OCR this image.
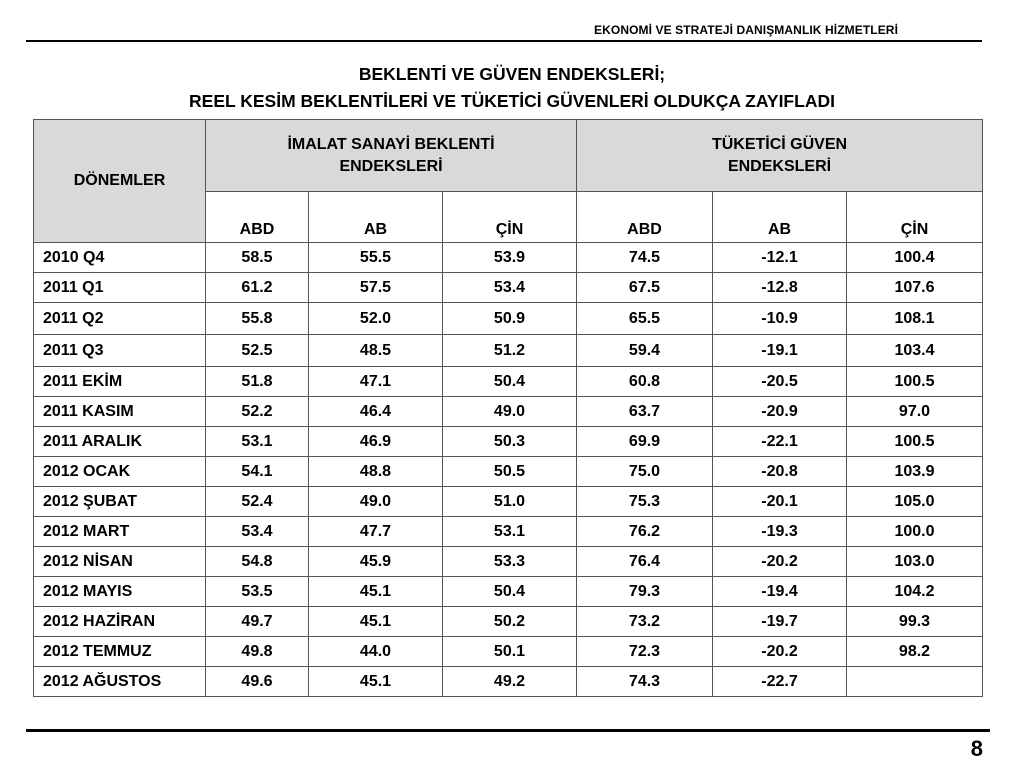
EKONOMİ VE STRATEJİ DANIŞMANLIK HİZMETLERİ
BEKLENTİ VE GÜVEN ENDEKSLERİ;
REEL KESİM BEKLENTİLERİ VE TÜKETİCİ GÜVENLERİ OLDUKÇA ZAYIFLADI
DÖNEMLER	İMALAT SANAYİ BEKLENTİ
ENDEKSLERİ			TÜKETİCİ GÜVEN
ENDEKSLERİ		
	ABD	AB	ÇİN	ABD	AB	ÇİN
2010 Q4	58.5	55.5	53.9	74.5	-12.1	100.4
2011 Q1	61.2	57.5	53.4	67.5	-12.8	107.6
2011 Q2	55.8	52.0	50.9	65.5	-10.9	108.1
2011 Q3	52.5	48.5	51.2	59.4	-19.1	103.4
2011 EKİM	51.8	47.1	50.4	60.8	-20.5	100.5
2011 KASIM	52.2	46.4	49.0	63.7	-20.9	97.0
2011 ARALIK	53.1	46.9	50.3	69.9	-22.1	100.5
2012 OCAK	54.1	48.8	50.5	75.0	-20.8	103.9
2012 ŞUBAT	52.4	49.0	51.0	75.3	-20.1	105.0
2012 MART	53.4	47.7	53.1	76.2	-19.3	100.0
2012 NİSAN	54.8	45.9	53.3	76.4	-20.2	103.0
2012 MAYIS	53.5	45.1	50.4	79.3	-19.4	104.2
2012 HAZİRAN	49.7	45.1	50.2	73.2	-19.7	99.3
2012 TEMMUZ	49.8	44.0	50.1	72.3	-20.2	98.2
2012 AĞUSTOS	49.6	45.1	49.2	74.3	-22.7	
8
